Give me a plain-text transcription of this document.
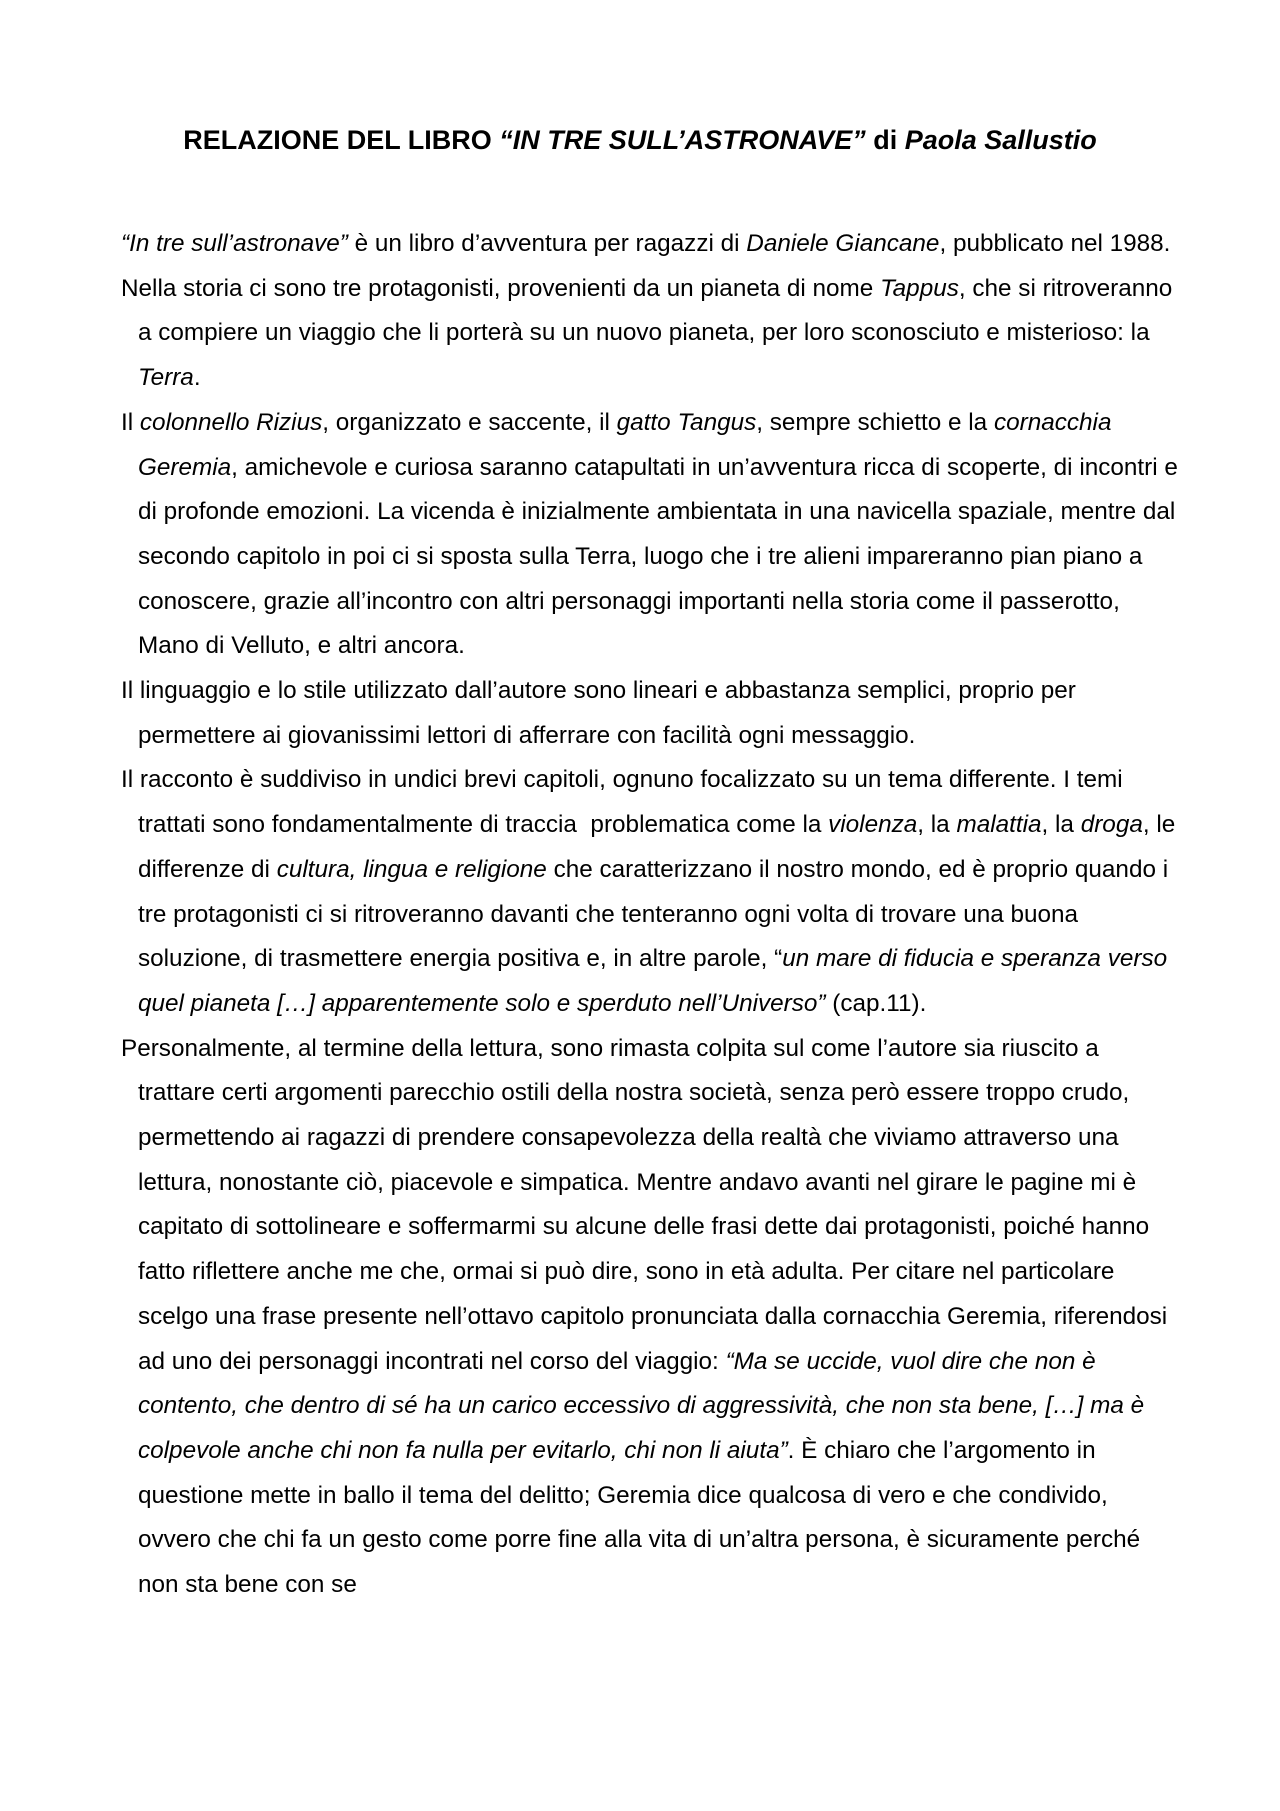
RELAZIONE DEL LIBRO “IN TRE SULL’ASTRONAVE” di Paola Sallustio

“In tre sull’astronave” è un libro d’avventura per ragazzi di Daniele Giancane, pubblicato nel 1988.

Nella storia ci sono tre protagonisti, provenienti da un pianeta di nome Tappus, che si ritroveranno a compiere un viaggio che li porterà su un nuovo pianeta, per loro sconosciuto e misterioso: la Terra.

Il colonnello Rizius, organizzato e saccente, il gatto Tangus, sempre schietto e la cornacchia Geremia, amichevole e curiosa saranno catapultati in un’avventura ricca di scoperte, di incontri e di profonde emozioni. La vicenda è inizialmente ambientata in una navicella spaziale, mentre dal secondo capitolo in poi ci si sposta sulla Terra, luogo che i tre alieni impareranno pian piano a conoscere, grazie all’incontro con altri personaggi importanti nella storia come il passerotto, Mano di Velluto, e altri ancora.

Il linguaggio e lo stile utilizzato dall’autore sono lineari e abbastanza semplici, proprio per permettere ai giovanissimi lettori di afferrare con facilità ogni messaggio.

Il racconto è suddiviso in undici brevi capitoli, ognuno focalizzato su un tema differente. I temi trattati sono fondamentalmente di traccia  problematica come la violenza, la malattia, la droga, le differenze di cultura, lingua e religione che caratterizzano il nostro mondo, ed è proprio quando i tre protagonisti ci si ritroveranno davanti che tenteranno ogni volta di trovare una buona soluzione, di trasmettere energia positiva e, in altre parole, “un mare di fiducia e speranza verso quel pianeta […] apparentemente solo e sperduto nell’Universo” (cap.11).

Personalmente, al termine della lettura, sono rimasta colpita sul come l’autore sia riuscito a trattare certi argomenti parecchio ostili della nostra società, senza però essere troppo crudo, permettendo ai ragazzi di prendere consapevolezza della realtà che viviamo attraverso una lettura, nonostante ciò, piacevole e simpatica. Mentre andavo avanti nel girare le pagine mi è capitato di sottolineare e soffermarmi su alcune delle frasi dette dai protagonisti, poiché hanno fatto riflettere anche me che, ormai si può dire, sono in età adulta. Per citare nel particolare scelgo una frase presente nell’ottavo capitolo pronunciata dalla cornacchia Geremia, riferendosi ad uno dei personaggi incontrati nel corso del viaggio: “Ma se uccide, vuol dire che non è contento, che dentro di sé ha un carico eccessivo di aggressività, che non sta bene, […] ma è colpevole anche chi non fa nulla per evitarlo, chi non li aiuta”. È chiaro che l’argomento in questione mette in ballo il tema del delitto; Geremia dice qualcosa di vero e che condivido, ovvero che chi fa un gesto come porre fine alla vita di un’altra persona, è sicuramente perché non sta bene con se
